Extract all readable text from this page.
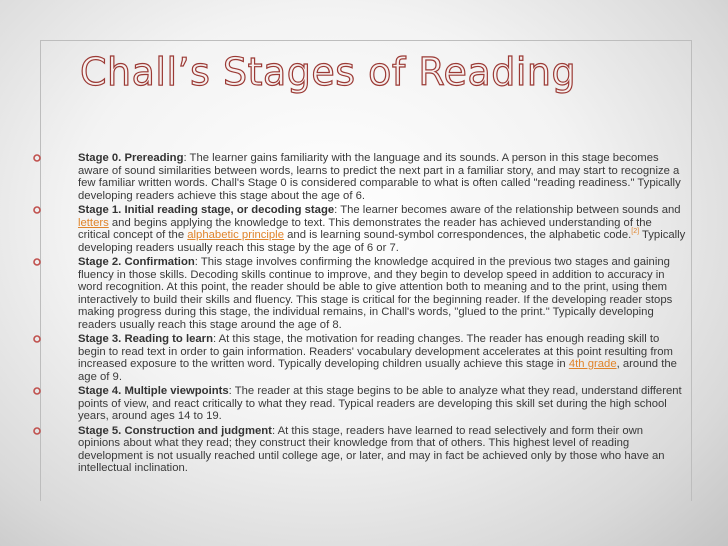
Chall’s Stages of Reading

Stage 0. Prereading: The learner gains familiarity with the language and its sounds. A person in this stage becomes aware of sound similarities between words, learns to predict the next part in a familiar story, and may start to recognize a few familiar written words. Chall's Stage 0 is considered comparable to what is often called "reading readiness." Typically developing readers achieve this stage about the age of 6.

Stage 1. Initial reading stage, or decoding stage: The learner becomes aware of the relationship between sounds and letters and begins applying the knowledge to text. This demonstrates the reader has achieved understanding of the critical concept of the alphabetic principle and is learning sound-symbol correspondences, the alphabetic code.[2] Typically developing readers usually reach this stage by the age of 6 or 7.

Stage 2. Confirmation: This stage involves confirming the knowledge acquired in the previous two stages and gaining fluency in those skills. Decoding skills continue to improve, and they begin to develop speed in addition to accuracy in word recognition. At this point, the reader should be able to give attention both to meaning and to the print, using them interactively to build their skills and fluency. This stage is critical for the beginning reader. If the developing reader stops making progress during this stage, the individual remains, in Chall's words, "glued to the print." Typically developing readers usually reach this stage around the age of 8.

Stage 3. Reading to learn: At this stage, the motivation for reading changes. The reader has enough reading skill to begin to read text in order to gain information. Readers' vocabulary development accelerates at this point resulting from increased exposure to the written word. Typically developing children usually achieve this stage in 4th grade, around the age of 9.

Stage 4. Multiple viewpoints: The reader at this stage begins to be able to analyze what they read, understand different points of view, and react critically to what they read. Typical readers are developing this skill set during the high school years, around ages 14 to 19.

Stage 5. Construction and judgment: At this stage, readers have learned to read selectively and form their own opinions about what they read; they construct their knowledge from that of others. This highest level of reading development is not usually reached until college age, or later, and may in fact be achieved only by those who have an intellectual inclination.
